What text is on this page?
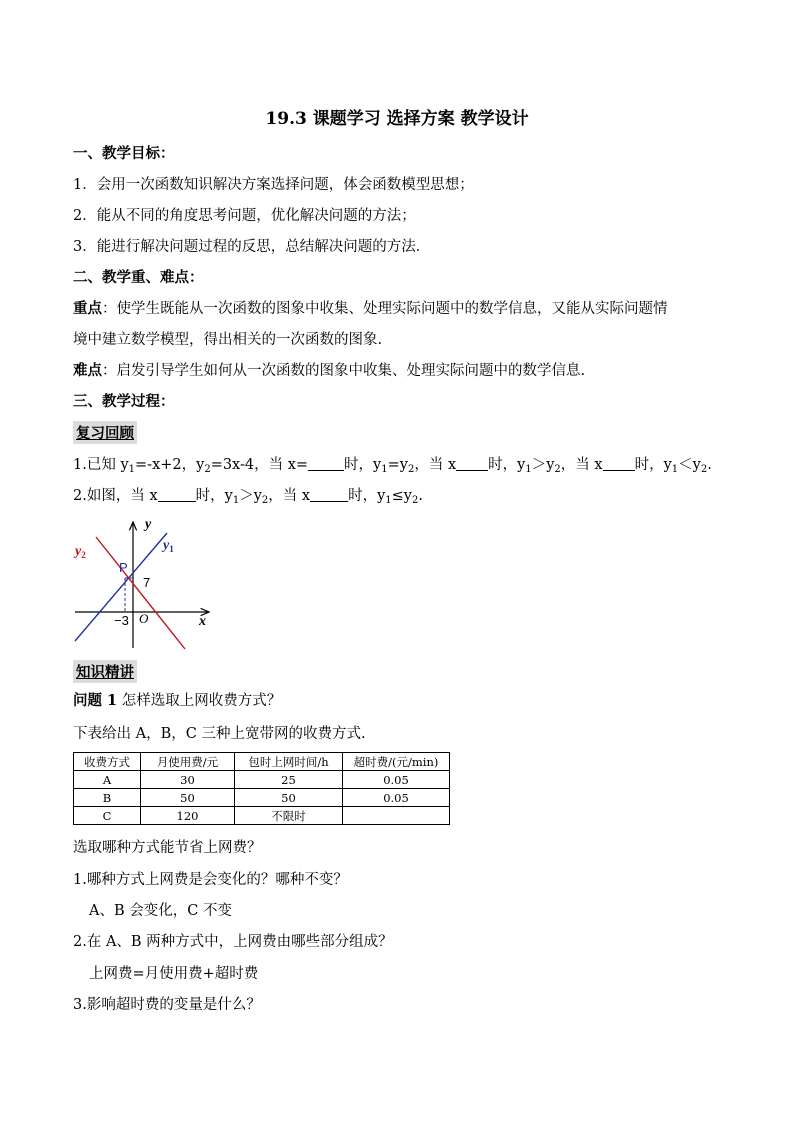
19.3 课题学习 选择方案 教学设计
一、教学目标：
1．会用一次函数知识解决方案选择问题，体会函数模型思想；
2．能从不同的角度思考问题，优化解决问题的方法；
3．能进行解决问题过程的反思，总结解决问题的方法．
二、教学重、难点：
重点：使学生既能从一次函数的图象中收集、处理实际问题中的数学信息，又能从实际问题情
境中建立数学模型，得出相关的一次函数的图象.
难点：启发引导学生如何从一次函数的图象中收集、处理实际问题中的数学信息.
三、教学过程：
复习回顾
1.已知 $y_1=-x+2$，$y_2=3x-4$，当 x= 时，$y_1=y_2$，当 x 时，$y_1>y_2$，当 x 时，$y_1<y_2$.
2.如图，当 x	时，$y_1>y_2$，当 x	时，$y_1\le y_2$.
y
x
O
P
−3
7
$y_1$
$y_2$
知识精讲
问题 1 怎样选取上网收费方式？
下表给出 A，B，C 三种上宽带网的收费方式.
收费方式	月使用费/元	包时上网时间/h	超时费/(元/min)
A	30	25	0.05
B	50	50	0.05
C	120	不限时	
选取哪种方式能节省上网费？
1.哪种方式上网费是会变化的？哪种不变？
A、B 会变化，C 不变
2.在 A、B 两种方式中，上网费由哪些部分组成？
上网费=月使用费+超时费
3.影响超时费的变量是什么？
